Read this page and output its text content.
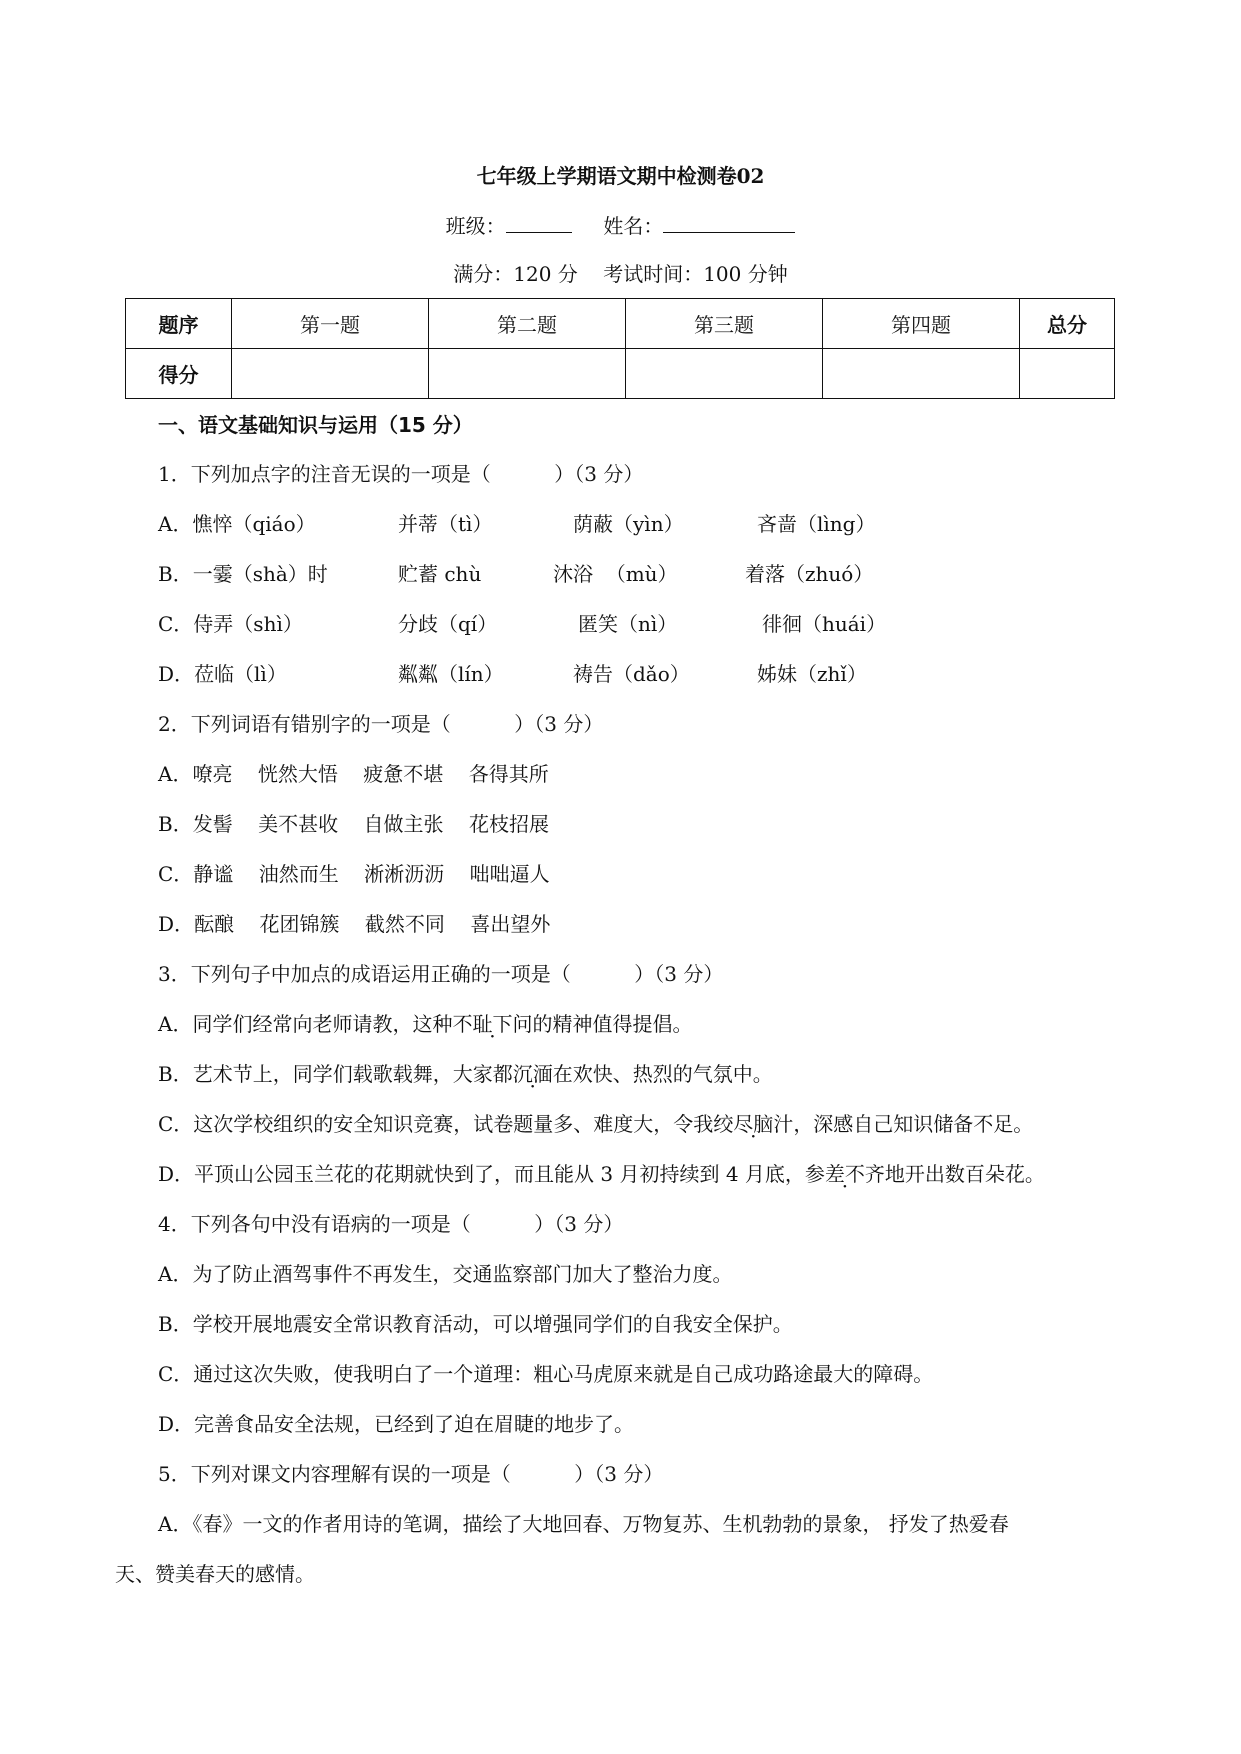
七年级上学期语文期中检测卷02
班级：	姓名：
满分：120 分    考试时间：100 分钟
题序	第一题	第二题	第三题	第四题	总分
得分					
一、语文基础知识与运用（15 分）
1．下列加点字的注音无误的一项是（          ）（3 分）
A．憔悴（qiáo）	并蒂（tì）	荫蔽（yìn）	吝啬（lìng）
B．一霎（shà）时	贮蓄 chù	沐浴  （mù）	着落（zhuó）
C．侍弄（shì）	分歧（qí）	匿笑（nì）	徘徊（huái）
D．莅临（lì）	粼粼（lín）	祷告（dǎo）	姊妹（zhǐ）
2．下列词语有错别字的一项是（          ）（3 分）
A．嘹亮    恍然大悟    疲惫不堪    各得其所
B．发髻    美不甚收    自做主张    花枝招展
C．静谧    油然而生    淅淅沥沥    咄咄逼人
D．酝酿    花团锦簇    截然不同    喜出望外
3．下列句子中加点的成语运用正确的一项是（          ）（3 分）
A．同学们经常向老师请教，这种不耻下问的精神值得提倡。
B．艺术节上，同学们载歌载舞，大家都沉湎在欢快、热烈的气氛中。
C．这次学校组织的安全知识竞赛，试卷题量多、难度大，令我绞尽脑汁，深感自己知识储备不足。
D．平顶山公园玉兰花的花期就快到了，而且能从 3 月初持续到 4 月底，参差不齐地开出数百朵花。
4．下列各句中没有语病的一项是（          ）（3 分）
A．为了防止酒驾事件不再发生，交通监察部门加大了整治力度。
B．学校开展地震安全常识教育活动，可以增强同学们的自我安全保护。
C．通过这次失败，使我明白了一个道理：粗心马虎原来就是自己成功路途最大的障碍。
D．完善食品安全法规，已经到了迫在眉睫的地步了。
5．下列对课文内容理解有误的一项是（          ）（3 分）
A．《春》一文的作者用诗的笔调，描绘了大地回春、万物复苏、生机勃勃的景象， 抒发了热爱春
天、赞美春天的感情。
